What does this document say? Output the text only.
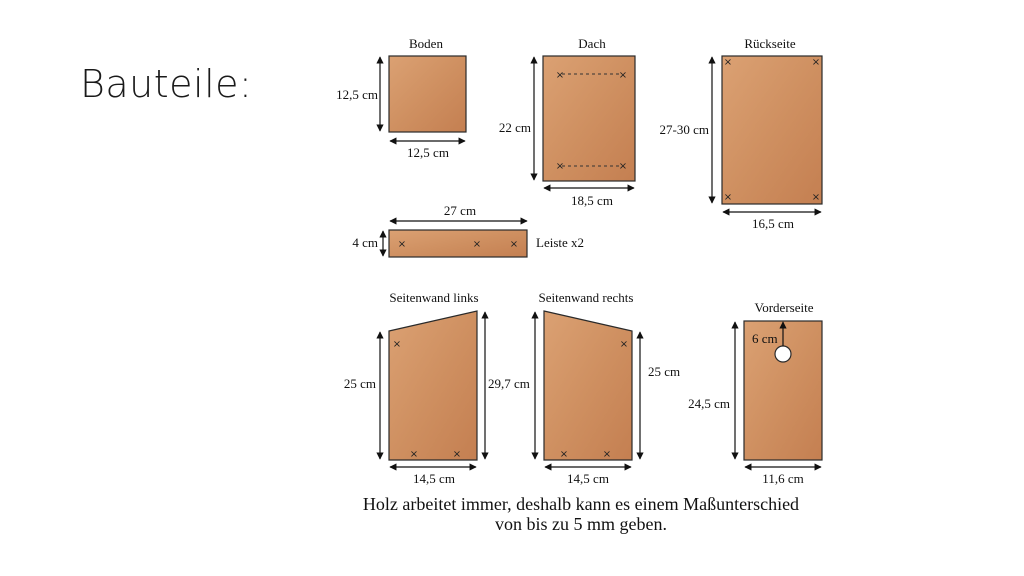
Bauteile:
Boden
12,5 cm
12,5 cm
Dach
×	×
×	×
22 cm
18,5 cm
Rückseite
×	×
×	×
27-30 cm
16,5 cm
27 cm
×	×	×
4 cm	Leiste x2
Seitenwand links
×
×	×
25 cm	29,7 cm
14,5 cm
Seitenwand rechts
×
×	×
25 cm
14,5 cm
Vorderseite
6 cm
24,5 cm
11,6 cm
Holz arbeitet immer, deshalb kann es einem Maßunterschied
von bis zu 5 mm geben.
